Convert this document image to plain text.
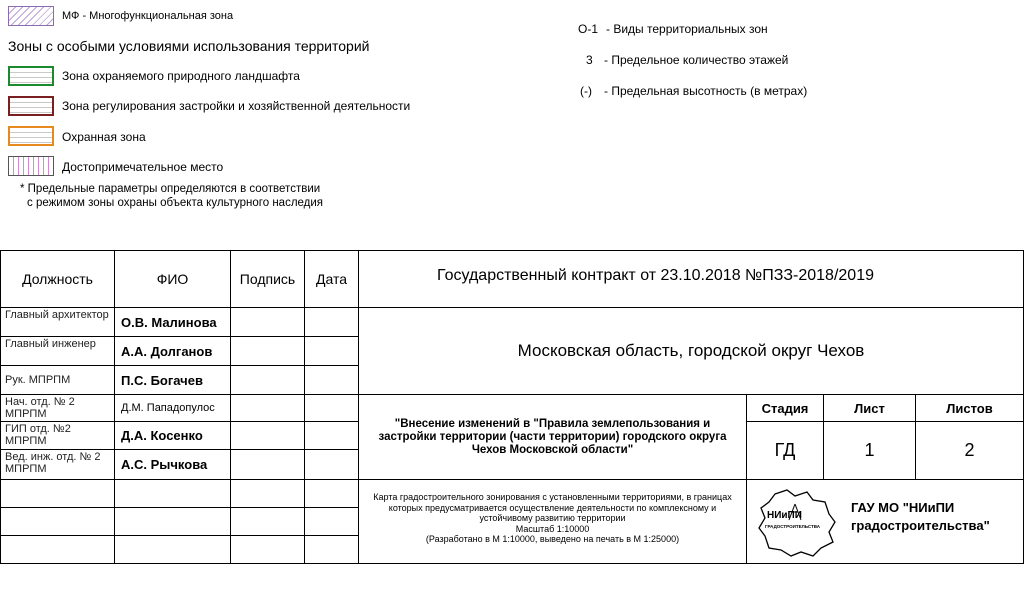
МФ - Многофункциональная зона
Зоны с особыми условиями использования территорий
Зона охраняемого природного ландшафта
Зона регулирования застройки и хозяйственной деятельности
Охранная зона
Достопримечательное место
* Предельные параметры определяются в соответствии
с режимом зоны охраны объекта культурного наследия
О-1 - Виды территориальных зон
3 - Предельное количество этажей
(-) - Предельная высотность (в метрах)
Должность	ФИО	Подпись	Дата	Государственный контракт от 23.10.2018 №ПЗЗ-2018/2019
Главный архитектор О.В. Малинова
Главный инженер	А.А. Долганов
Рук. МПРПМ	П.С. Богачев
Нач. отд. № 2 МПРПМ	Д.М. Пападопулос
ГИП отд. №2 МПРПМ	Д.А. Косенко
Вед. инж. отд. № 2 МПРПМ	А.С. Рычкова
Московская область, городской округ Чехов
"Внесение изменений в "Правила землепользования и застройки территории (части территории) городского округа Чехов Московской области"
Стадия	Лист	Листов
ГД	1	2
Карта градостроительного зонирования с установленными территориями, в границах которых предусматривается осуществление деятельности по комплексному и устойчивому развитию территории
Масштаб 1:10000
(Разработано в М 1:10000, выведено на печать в М 1:25000)
НИиПИ
ГРАДОСТРОИТЕЛЬСТВА
ГАУ МО "НИиПИ
градостроительства"
